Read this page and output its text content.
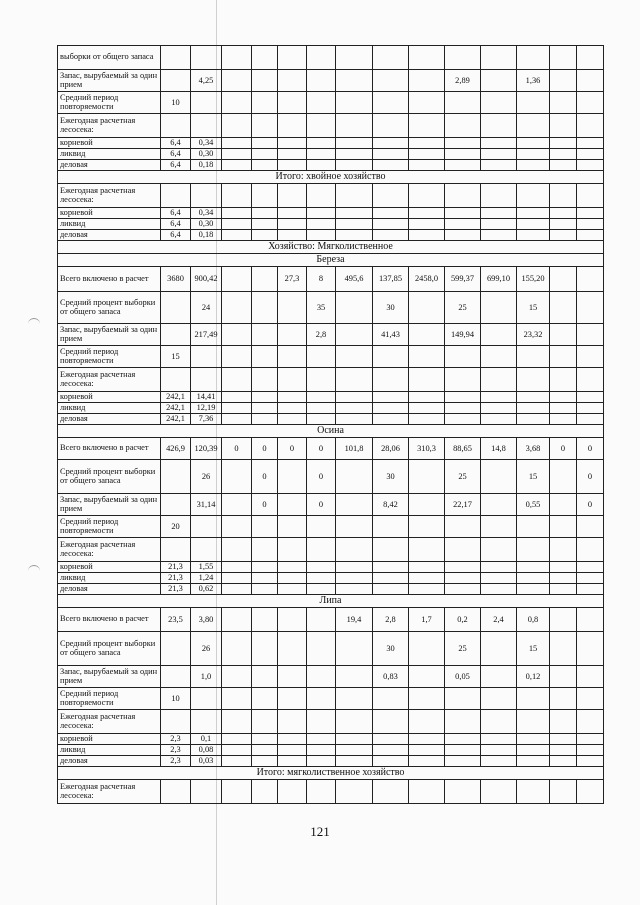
выборки от общего запаса														
Запас, вырубаемый за один прием		4,25								2,89		1,36		
Средний период повторяемости	10													
Ежегодная расчетная лесосека:														
корневой	6,4	0,34												
ликвид	6,4	0,30												
деловая	6,4	0,18												
Итого: хвойное хозяйство														
Ежегодная расчетная лесосека:														
корневой	6,4	0,34												
ликвид	6,4	0,30												
деловая	6,4	0,18												
Хозяйство: Мягколиственное														
Береза														
Всего включено в расчет	3680	900,42			27,3	8	495,6	137,85	2458,0	599,37	699,10	155,20		
Средний процент выборки от общего запаса		24				35		30		25		15		
Запас, вырубаемый за один прием		217,49				2,8		41,43		149,94		23,32		
Средний период повторяемости	15													
Ежегодная расчетная лесосека:														
корневой	242,1	14,41												
ликвид	242,1	12,19												
деловая	242,1	7,36												
Осина														
Всего включено в расчет	426,9	120,39	0	0	0	0	101,8	28,06	310,3	88,65	14,8	3,68	0	0
Средний процент выборки от общего запаса		26		0		0		30		25		15		0
Запас, вырубаемый за один прием		31,14		0		0		8,42		22,17		0,55		0
Средний период повторяемости	20													
Ежегодная расчетная лесосека:														
корневой	21,3	1,55												
ликвид	21,3	1,24												
деловая	21,3	0,62												
Липа														
Всего включено в расчет	23,5	3,80					19,4	2,8	1,7	0,2	2,4	0,8		
Средний процент выборки от общего запаса		26						30		25		15		
Запас, вырубаемый за один прием		1,0						0,83		0,05		0,12		
Средний период повторяемости	10													
Ежегодная расчетная лесосека:														
корневой	2,3	0,1												
ликвид	2,3	0,08												
деловая	2,3	0,03												
Итого: мягколиственное хозяйство														
Ежегодная расчетная лесосека:														
121
